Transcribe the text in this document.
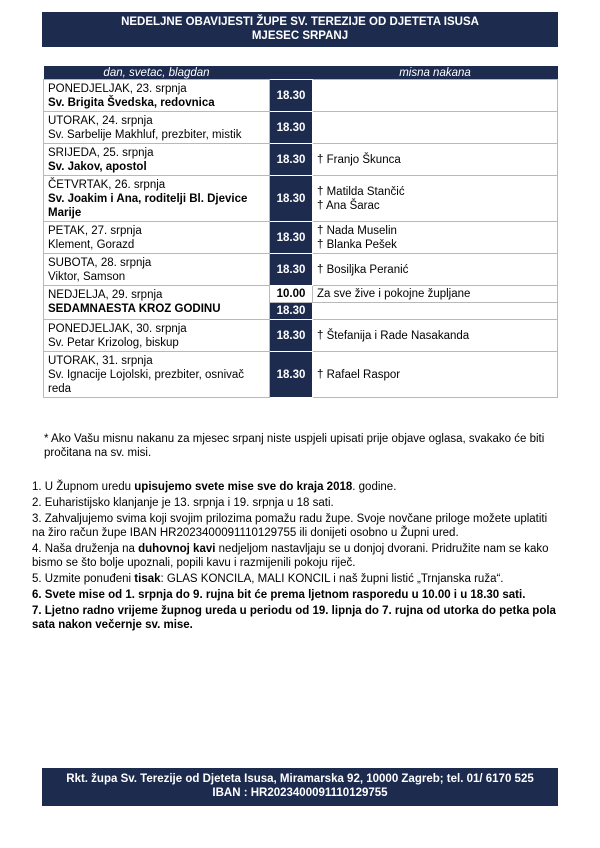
NEDELJNE OBAVIJESTI ŽUPE SV. TEREZIJE OD DJETETA ISUSA
MJESEC SRPANJ
dan, svetac, blagdan		misna nakana

PONEDJELJAK, 23. srpnja
Sv. Brigita Švedska, redovnica	18.30	

UTORAK, 24. srpnja
Sv. Sarbelije Makhluf, prezbiter, mistik	18.30	

SRIJEDA, 25. srpnja
Sv. Jakov, apostol	18.30	† Franjo Škunca

ČETVRTAK, 26. srpnja
Sv. Joakim i Ana, roditelji Bl. Djevice Marije	18.30	† Matilda Stančić
† Ana Šarac

PETAK, 27. srpnja
Klement, Gorazd	18.30	† Nada Muselin
† Blanka Pešek

SUBOTA, 28. srpnja
Viktor, Samson	18.30	† Bosiljka Peranić

NEDJELJA, 29. srpnja
SEDAMNAESTA KROZ GODINU	10.00	Za sve žive i pokojne župljane

	18.30	

PONEDJELJAK, 30. srpnja
Sv. Petar Krizolog, biskup	18.30	† Štefanija i Rade Nasakanda

UTORAK, 31. srpnja
Sv. Ignacije Lojolski, prezbiter, osnivač reda	18.30	† Rafael Raspor
* Ako Vašu misnu nakanu za mjesec srpanj niste uspjeli upisati prije objave oglasa, svakako će biti pročitana na sv. misi.

1. U Župnom uredu upisujemo svete mise sve do kraja 2018. godine.

2. Euharistijsko klanjanje je 13. srpnja i 19. srpnja u 18 sati.

3. Zahvaljujemo svima koji svojim prilozima pomažu radu župe. Svoje novčane priloge možete uplatiti na žiro račun župe IBAN HR2023400091110129755 ili donijeti osobno u Župni ured.

4. Naša druženja na duhovnoj kavi nedjeljom nastavljaju se u donjoj dvorani. Pridružite nam se kako bismo se što bolje upoznali, popili kavu i razmijenili pokoju riječ.

5. Uzmite ponuđeni tisak: GLAS KONCILA, MALI KONCIL i naš župni listić „Trnjanska ruža“.

6. Svete mise od 1. srpnja do 9. rujna bit će prema ljetnom rasporedu u 10.00 i u 18.30 sati.

7. Ljetno radno vrijeme župnog ureda u periodu od 19. lipnja do 7. rujna od utorka do petka pola sata nakon večernje sv. mise.

Rkt. župa Sv. Terezije od Djeteta Isusa, Miramarska 92, 10000 Zagreb; tel. 01/ 6170 525
IBAN : HR2023400091110129755
